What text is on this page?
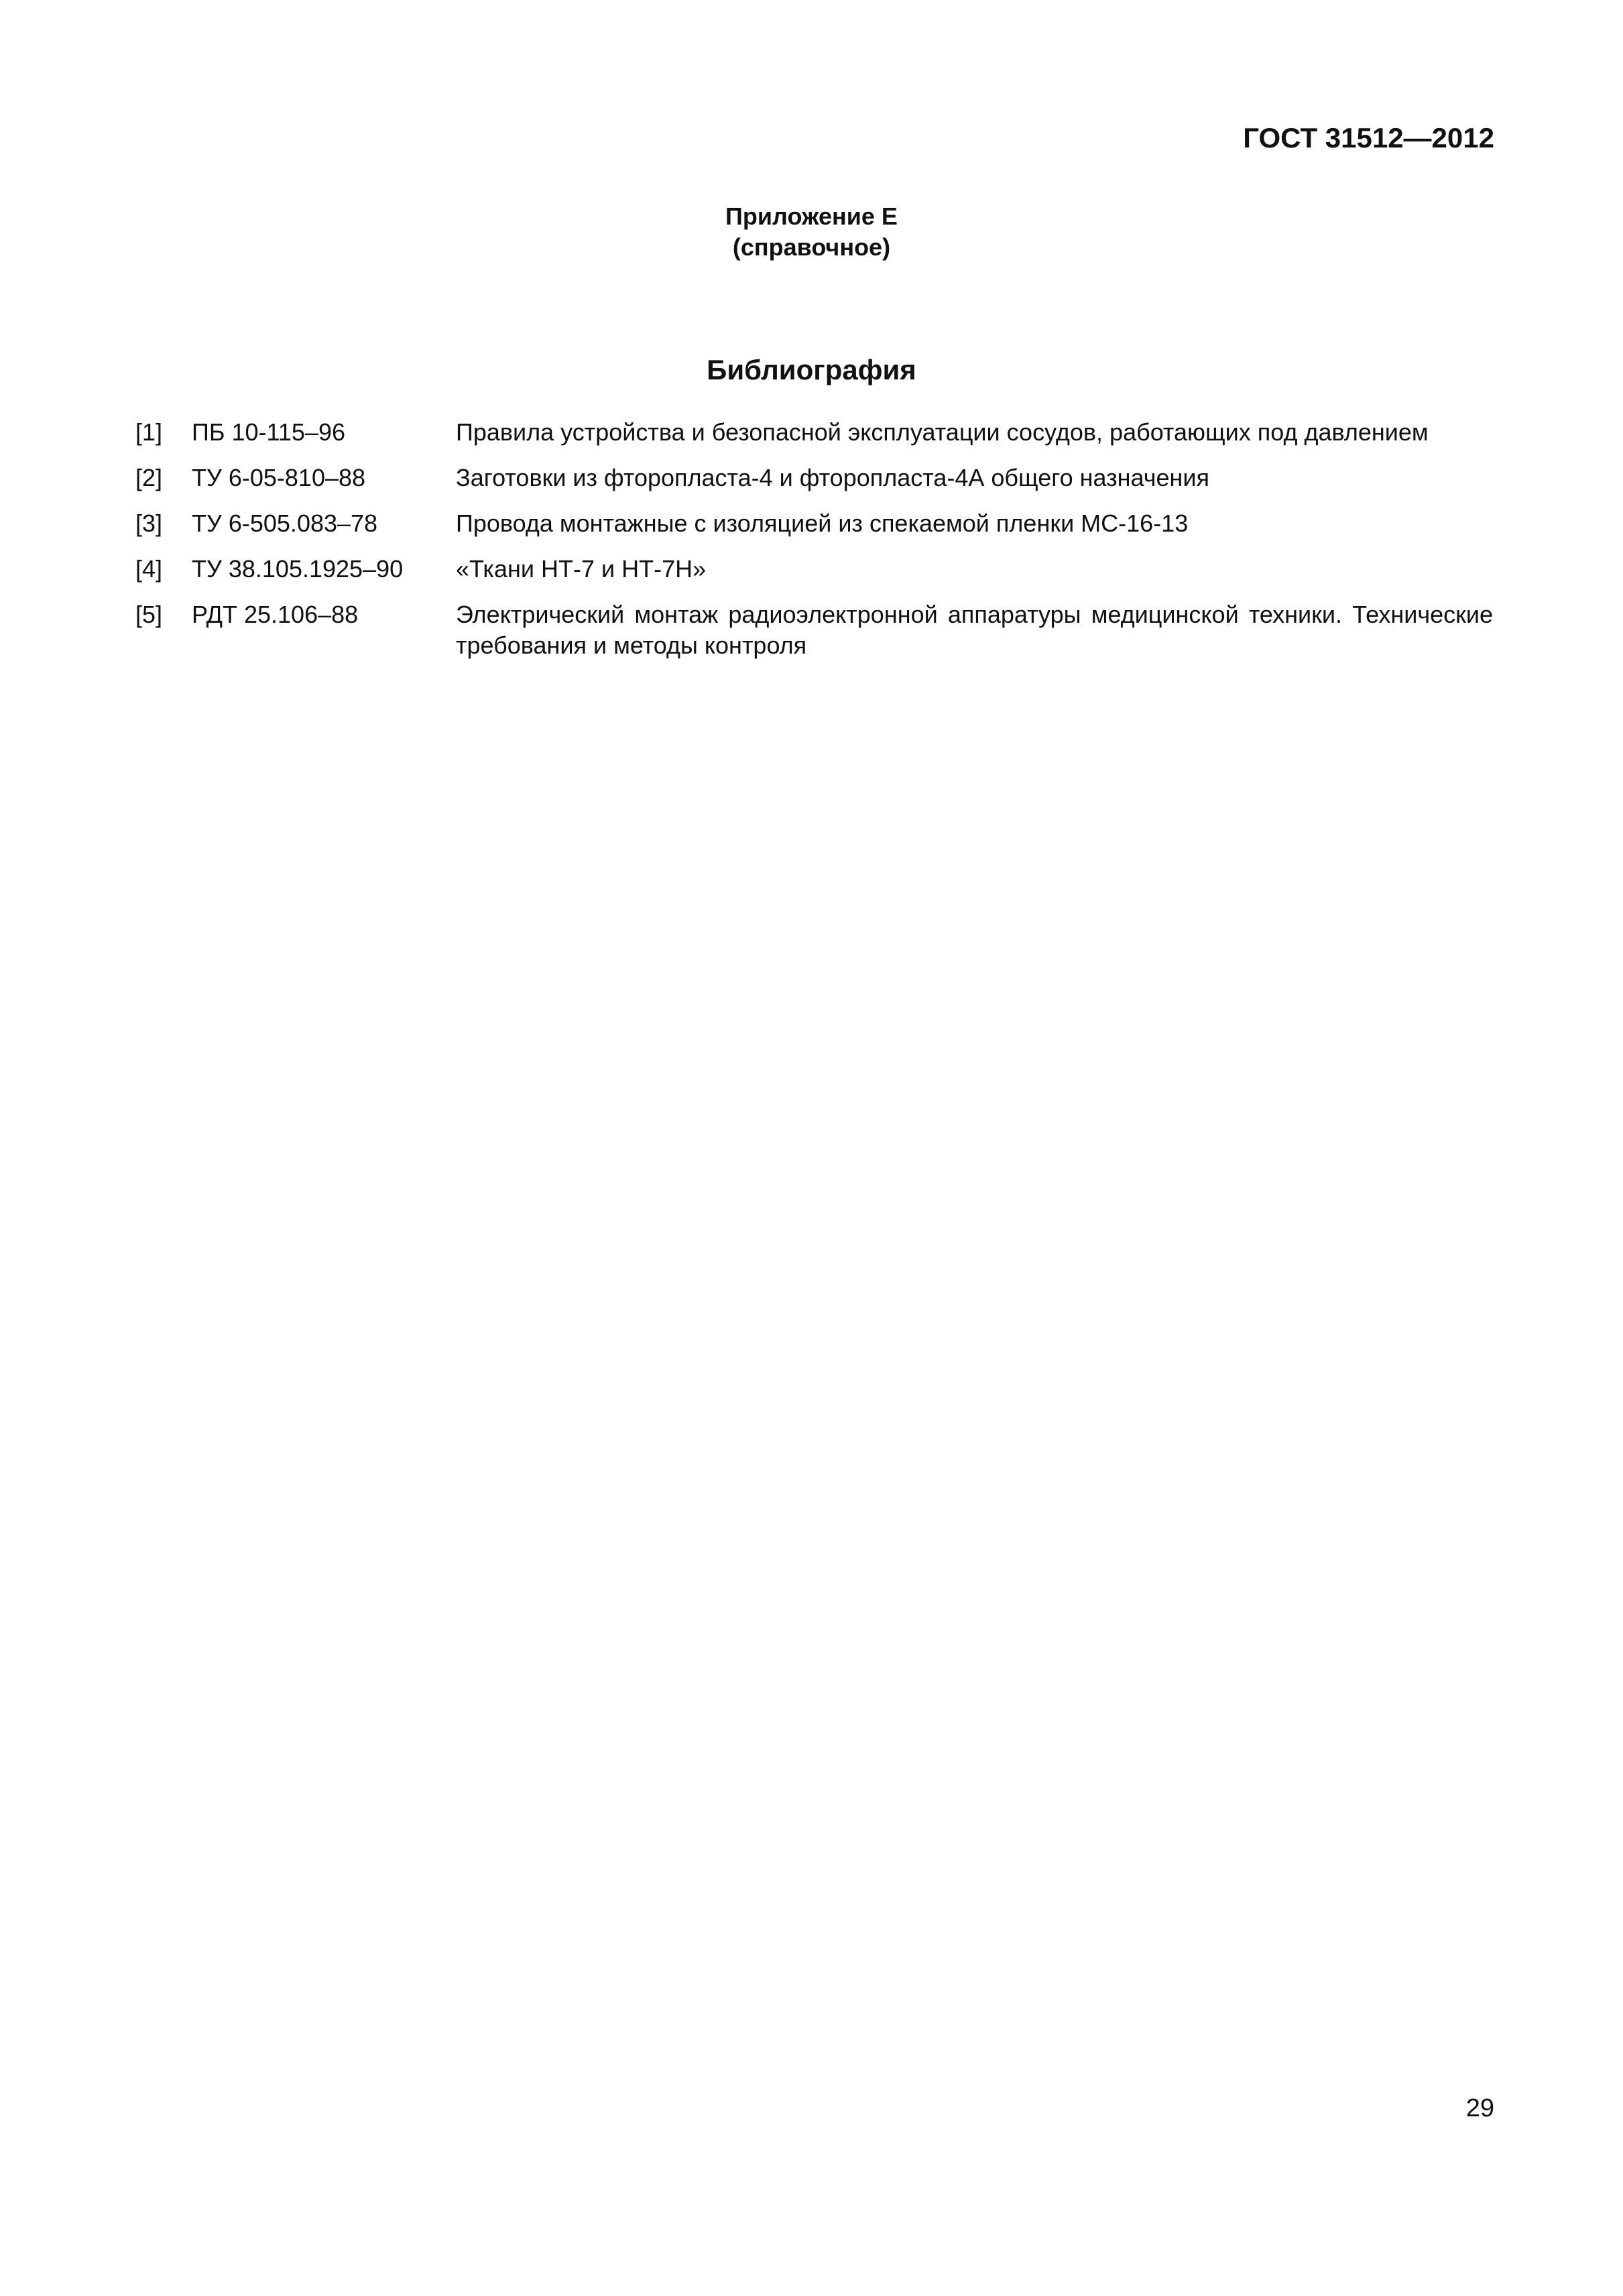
ГОСТ 31512—2012
Приложение Е
(справочное)
Библиография
[1]	ПБ 10-115–96	Правила устройства и безопасной эксплуатации сосудов, работающих под давлением
[2]	ТУ 6-05-810–88	Заготовки из фторопласта-4 и фторопласта-4А общего назначения
[3]	ТУ 6-505.083–78	Провода монтажные с изоляцией из спекаемой пленки МС-16-13
[4]	ТУ 38.105.1925–90	«Ткани НТ-7 и НТ-7Н»
[5]	РДТ 25.106–88	Электрический монтаж радиоэлектронной аппаратуры медицинской техники. Технические требования и методы контроля
29
